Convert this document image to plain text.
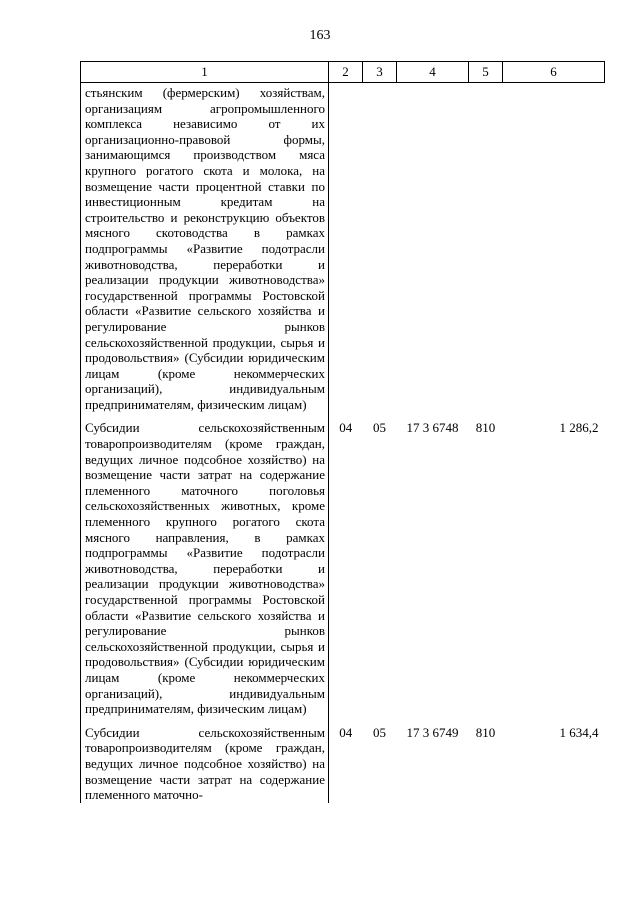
163
1	2	3	4	5	6
стьянским (фермерским) хозяйствам, организациям агропромышленного комплекса независимо от их организационно-правовой формы, занимающимся производством мяса крупного рогатого скота и молока, на возмещение части процентной ставки по инвестиционным кредитам на строительство и реконструкцию объектов мясного скотоводства в рамках подпрограммы «Развитие подотрасли животноводства, переработки и реализации продукции животноводства» государственной программы Ростовской области «Развитие сельского хозяйства и регулирование рынков сельскохозяйственной продукции, сырья и продовольствия» (Субсидии юридическим лицам (кроме некоммерческих организаций), индивидуальным предпринимателям, физическим лицам)					
Субсидии сельскохозяйственным товаропроизводителям (кроме граждан, ведущих личное подсобное хозяйство) на возмещение части затрат на содержание племенного маточного поголовья сельскохозяйственных животных, кроме племенного крупного рогатого скота мясного направления, в рамках подпрограммы «Развитие подотрасли животноводства, переработки и реализации продукции животноводства» государственной программы Ростовской области «Развитие сельского хозяйства и регулирование рынков сельскохозяйственной продукции, сырья и продовольствия» (Субсидии юридическим лицам (кроме некоммерческих организаций), индивидуальным предпринимателям, физическим лицам)	04	05	17 3 6748	810	1 286,2
Субсидии сельскохозяйственным товаропроизводителям (кроме граждан, ведущих личное подсобное хозяйство) на возмещение части затрат на содержание племенного маточно-	04	05	17 3 6749	810	1 634,4
